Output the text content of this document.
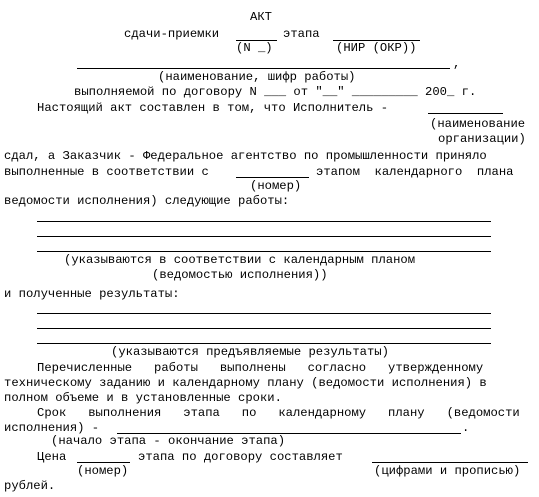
АКТ
сдачи-приемки	этапа
(N _)	(НИР (ОКР))
,
(наименование, шифр работы)
выполняемой по договору N ___ от "__" _________ 200_ г.
Настоящий акт составлен в том, что Исполнитель -
(наименование
организации)
сдал, а Заказчик - Федеральное агентство по промышленности приняло
выполненные в соответствии с	этапом  календарного  плана
(номер)
ведомости исполнения) следующие работы:
(указываются в соответствии с календарным планом
(ведомостью исполнения))
и полученные результаты:
(указываются предъявляемые результаты)
Перечисленные   работы   выполнены   согласно   утвержденному
техническому заданию и календарному плану (ведомости исполнения) в
полном объеме и в установленные сроки.
Срок   выполнения   этапа   по   календарному   плану   (ведомости
исполнения) -	.
(начало этапа - окончание этапа)
Цена	этапа по договору составляет
(номер)	(цифрами и прописью)
рублей.
